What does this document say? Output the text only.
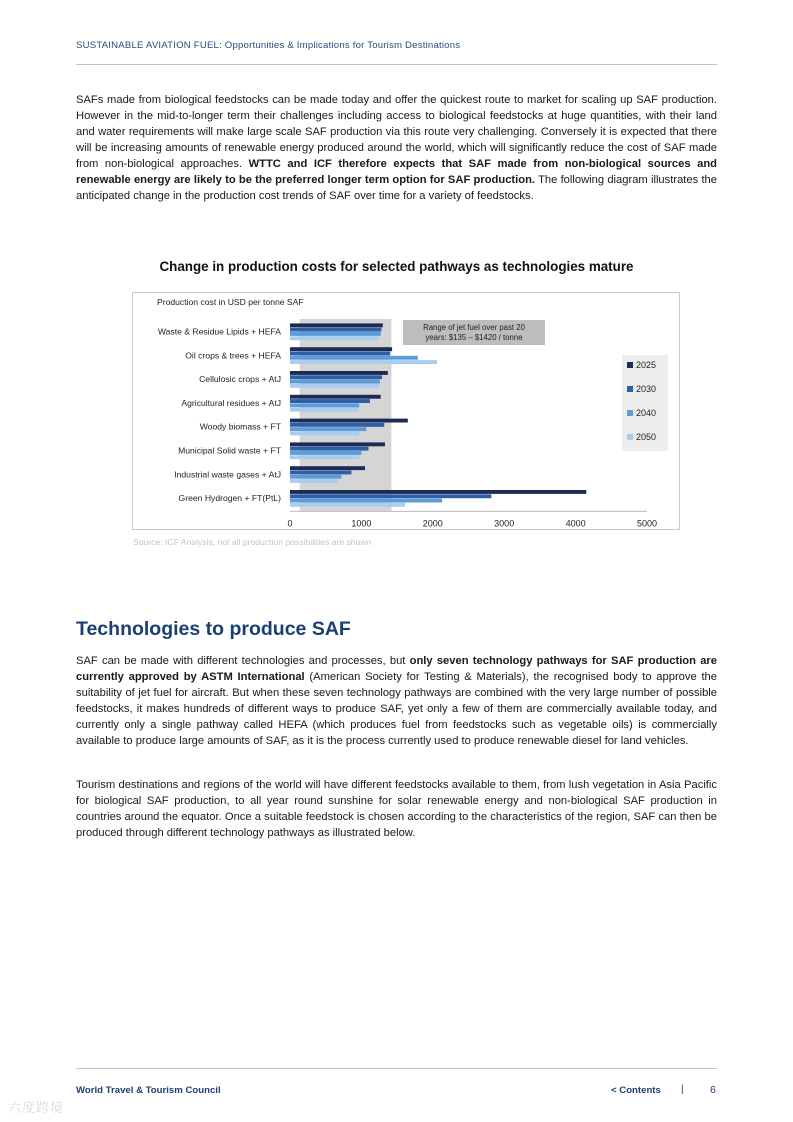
SUSTAINABLE AVIATION FUEL: Opportunities & Implications for Tourism Destinations

SAFs made from biological feedstocks can be made today and offer the quickest route to market for scaling up SAF production. However in the mid-to-longer term their challenges including access to biological feedstocks at huge quantities, with their land and water requirements will make large scale SAF production via this route very challenging. Conversely it is expected that there will be increasing amounts of renewable energy produced around the world, which will significantly reduce the cost of SAF made from non-biological approaches. WTTC and ICF therefore expects that SAF made from non-biological sources and renewable energy are likely to be the preferred longer term option for SAF production. The following diagram illustrates the anticipated change in the production cost trends of SAF over time for a variety of feedstocks.

Change in production costs for selected pathways as technologies mature
Production cost in USD per tonne SAF
Waste & Residue Lipids + HEFA
Oil crops & trees + HEFA
Cellulosic crops + AtJ
Agricultural residues + AtJ
Woody biomass + FT
Municipal Solid waste + FT
Industrial waste gases + AtJ
Green Hydrogen + FT(PtL)
0	1000	2000	3000	4000	5000
Range of jet fuel over past 20
years: $135 – $1420 / tonne
2025
2030
2040
2050
Source: ICF Analysis, not all production possibilities are shown
Technologies to produce SAF

SAF can be made with different technologies and processes, but only seven technology pathways for SAF production are currently approved by ASTM International (American Society for Testing & Materials), the recognised body to approve the suitability of jet fuel for aircraft. But when these seven technology pathways are combined with the very large number of possible feedstocks, it makes hundreds of different ways to produce SAF, yet only a few of them are commercially available today, and currently only a single pathway called HEFA (which produces fuel from feedstocks such as vegetable oils) is commercially available to produce large amounts of SAF, as it is the process currently used to produce renewable diesel for land vehicles.

Tourism destinations and regions of the world will have different feedstocks available to them, from lush vegetation in Asia Pacific for biological SAF production, to all year round sunshine for solar renewable energy and non-biological SAF production in countries around the equator. Once a suitable feedstock is chosen according to the characteristics of the region, SAF can then be produced through different technology pathways as illustrated below.

World Travel & Tourism Council	< Contents |	6
六度跨境
